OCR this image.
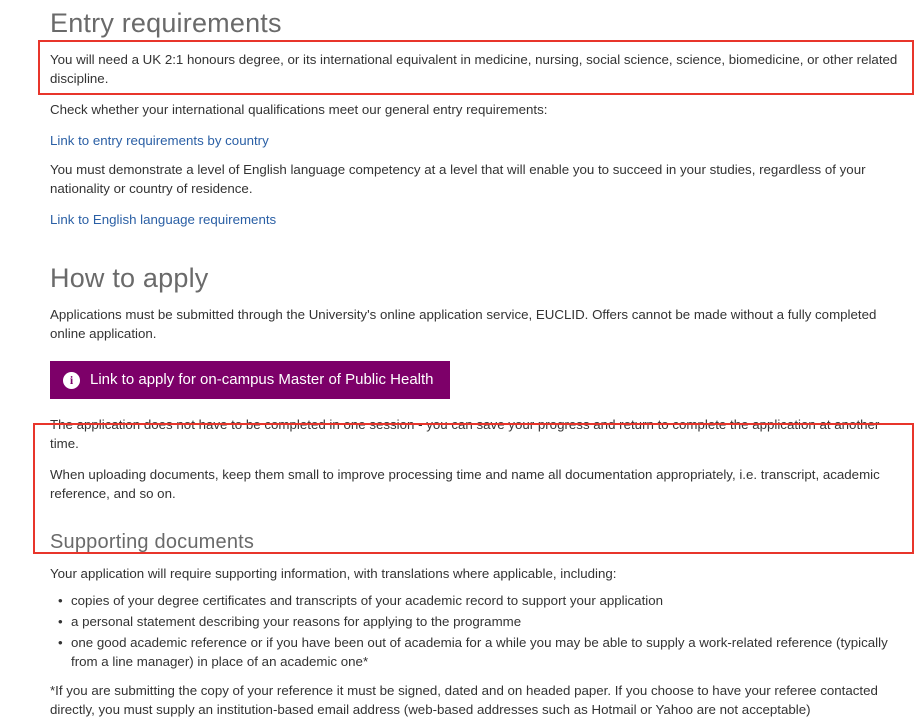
Entry requirements

You will need a UK 2:1 honours degree, or its international equivalent in medicine, nursing, social science, science, biomedicine, or other related discipline.

Check whether your international qualifications meet our general entry requirements:

Link to entry requirements by country

You must demonstrate a level of English language competency at a level that will enable you to succeed in your studies, regardless of your nationality or country of residence.

Link to English language requirements
How to apply

Applications must be submitted through the University's online application service, EUCLID. Offers cannot be made without a fully completed online application.

i	Link to apply for on-campus Master of Public Health

The application does not have to be completed in one session - you can save your progress and return to complete the application at another time.

When uploading documents, keep them small to improve processing time and name all documentation appropriately, i.e. transcript, academic reference, and so on.

Supporting documents

Your application will require supporting information, with translations where applicable, including:

• copies of your degree certificates and transcripts of your academic record to support your application
• a personal statement describing your reasons for applying to the programme
• one good academic reference or if you have been out of academia for a while you may be able to supply a work-related reference (typically from a line manager) in place of an academic one*

*If you are submitting the copy of your reference it must be signed, dated and on headed paper. If you choose to have your referee contacted directly, you must supply an institution-based email address (web-based addresses such as Hotmail or Yahoo are not acceptable)
